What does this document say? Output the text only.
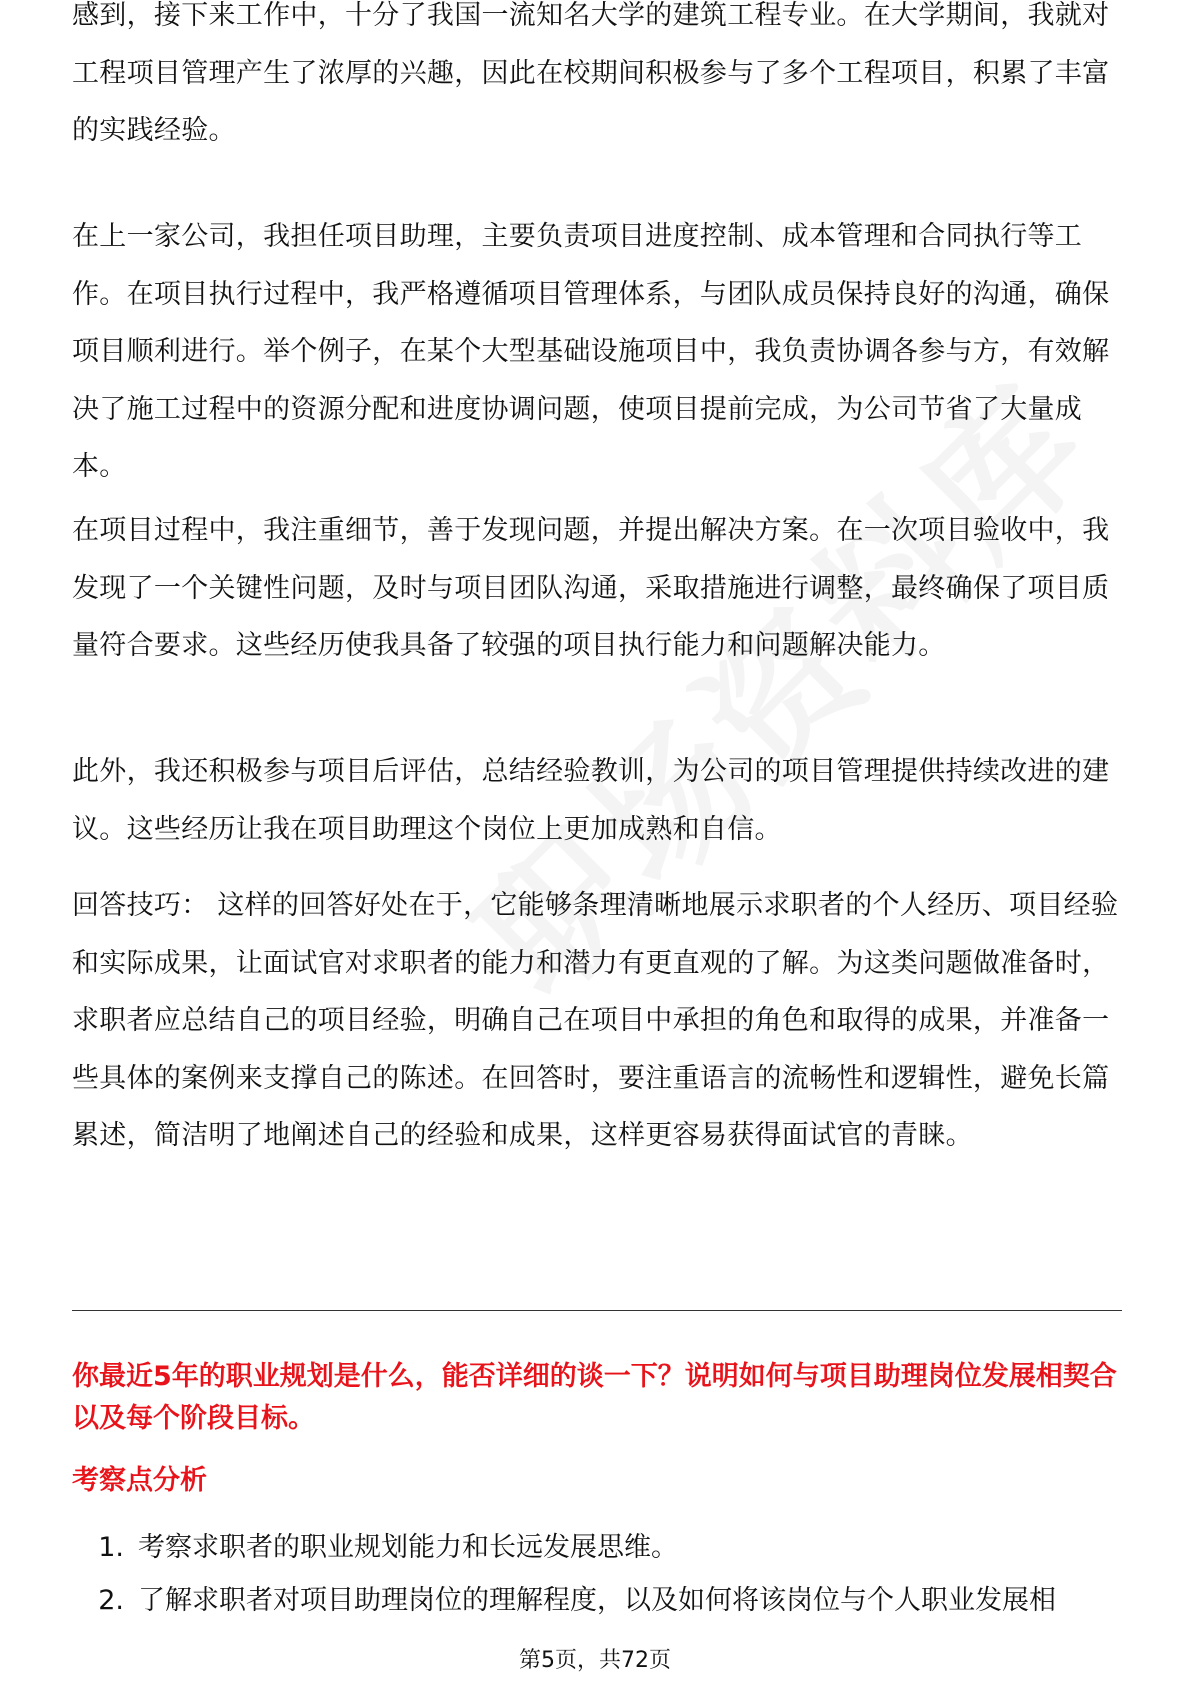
感到，接下来工作中，十分了我国一流知名大学的建筑工程专业。在大学期间，我就对工程项目管理产生了浓厚的兴趣，因此在校期间积极参与了多个工程项目，积累了丰富的实践经验。

在上一家公司，我担任项目助理，主要负责项目进度控制、成本管理和合同执行等工作。在项目执行过程中，我严格遵循项目管理体系，与团队成员保持良好的沟通，确保项目顺利进行。举个例子，在某个大型基础设施项目中，我负责协调各参与方，有效解决了施工过程中的资源分配和进度协调问题，使项目提前完成，为公司节省了大量成本。

在项目过程中，我注重细节，善于发现问题，并提出解决方案。在一次项目验收中，我发现了一个关键性问题，及时与项目团队沟通，采取措施进行调整，最终确保了项目质量符合要求。这些经历使我具备了较强的项目执行能力和问题解决能力。

此外，我还积极参与项目后评估，总结经验教训，为公司的项目管理提供持续改进的建议。这些经历让我在项目助理这个岗位上更加成熟和自信。

回答技巧： 这样的回答好处在于，它能够条理清晰地展示求职者的个人经历、项目经验和实际成果，让面试官对求职者的能力和潜力有更直观的了解。为这类问题做准备时，求职者应总结自己的项目经验，明确自己在项目中承担的角色和取得的成果，并准备一些具体的案例来支撑自己的陈述。在回答时，要注重语言的流畅性和逻辑性，避免长篇累述，简洁明了地阐述自己的经验和成果，这样更容易获得面试官的青睐。

你最近5年的职业规划是什么，能否详细的谈一下？说明如何与项目助理岗位发展相契合以及每个阶段目标。

考察点分析

1. 考察求职者的职业规划能力和长远发展思维。
2. 了解求职者对项目助理岗位的理解程度，以及如何将该岗位与个人职业发展相
第5页，共72页
